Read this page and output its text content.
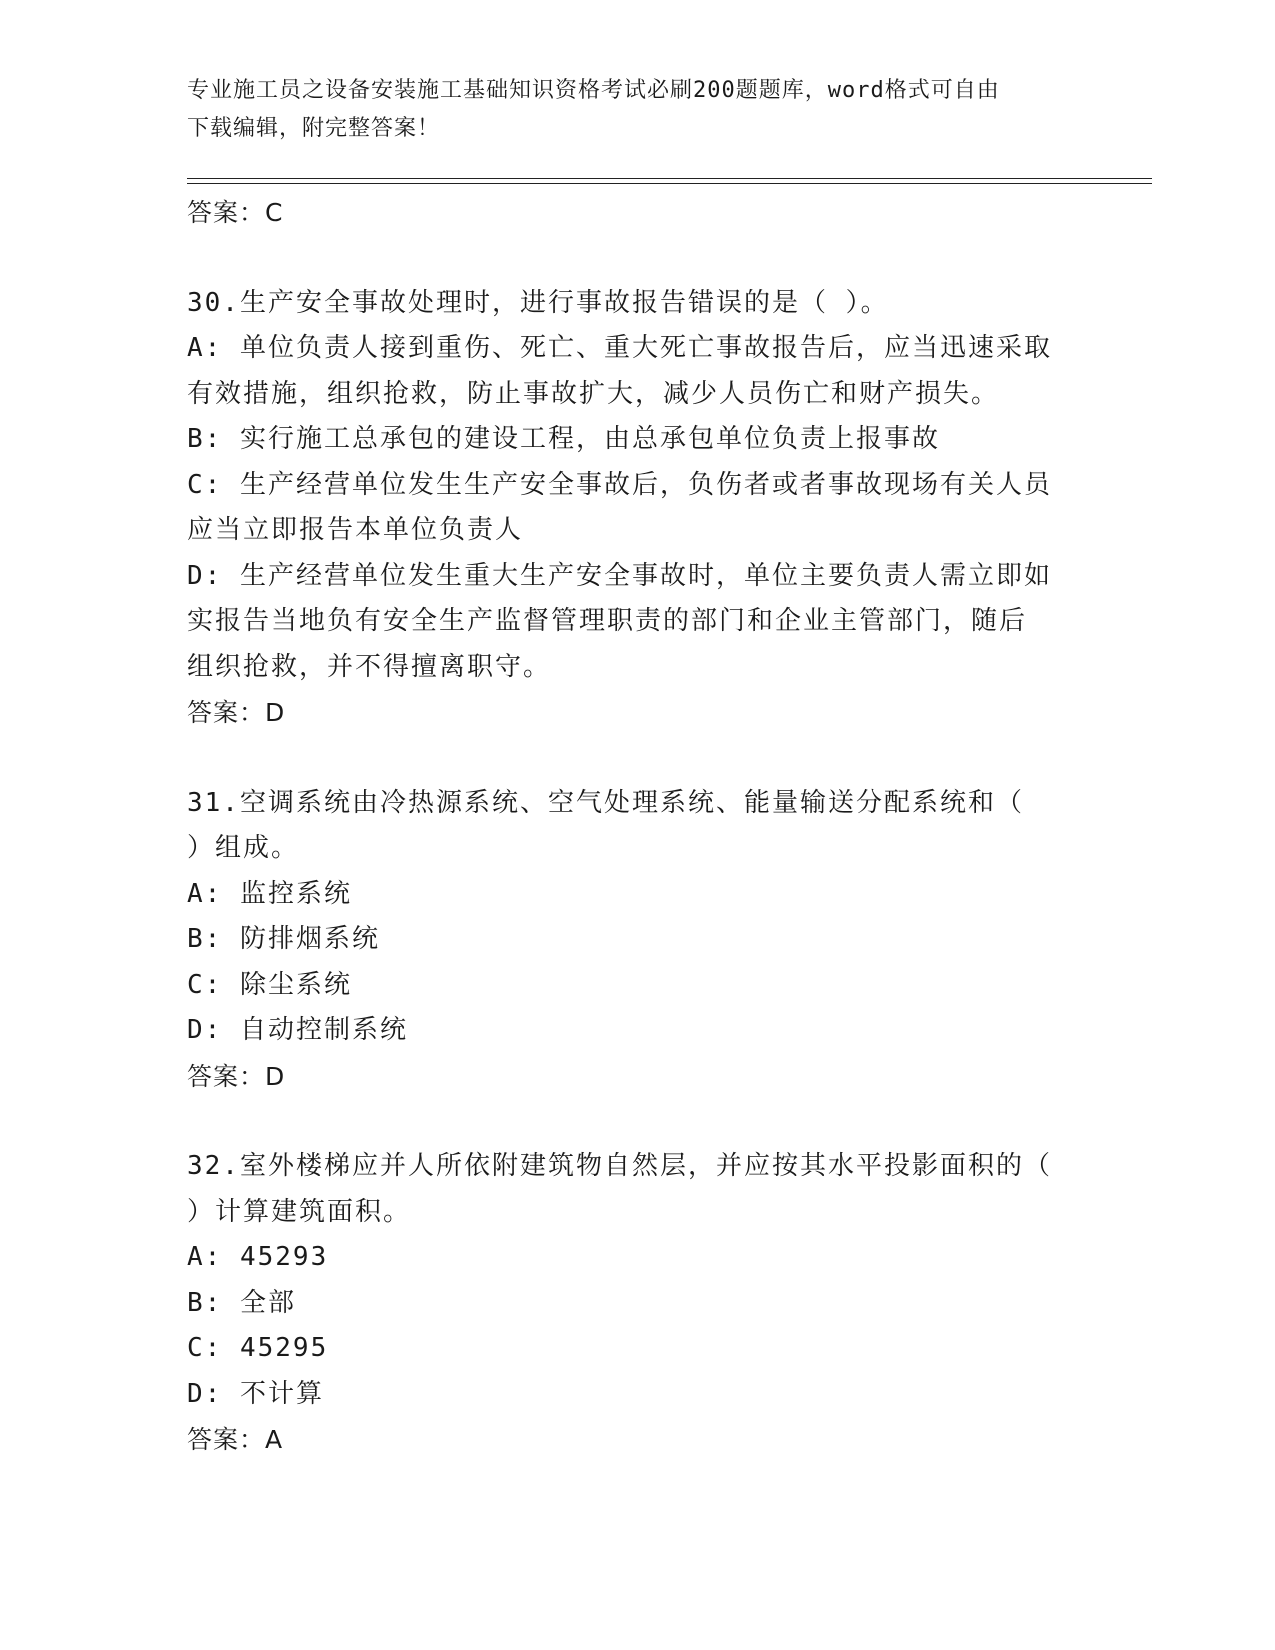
专业施工员之设备安装施工基础知识资格考试必刷200题题库，word格式可自由
下载编辑，附完整答案！
答案：C
30.生产安全事故处理时，进行事故报告错误的是（ ）。
A: 单位负责人接到重伤、死亡、重大死亡事故报告后，应当迅速采取
有效措施，组织抢救，防止事故扩大，减少人员伤亡和财产损失。
B: 实行施工总承包的建设工程，由总承包单位负责上报事故
C: 生产经营单位发生生产安全事故后，负伤者或者事故现场有关人员
应当立即报告本单位负责人
D: 生产经营单位发生重大生产安全事故时，单位主要负责人需立即如
实报告当地负有安全生产监督管理职责的部门和企业主管部门，随后
组织抢救，并不得擅离职守。
答案：D
31.空调系统由冷热源系统、空气处理系统、能量输送分配系统和（
）组成。
A: 监控系统
B: 防排烟系统
C: 除尘系统
D: 自动控制系统
答案：D
32.室外楼梯应并人所依附建筑物自然层，并应按其水平投影面积的（
）计算建筑面积。
A: 45293
B: 全部
C: 45295
D: 不计算
答案：A
